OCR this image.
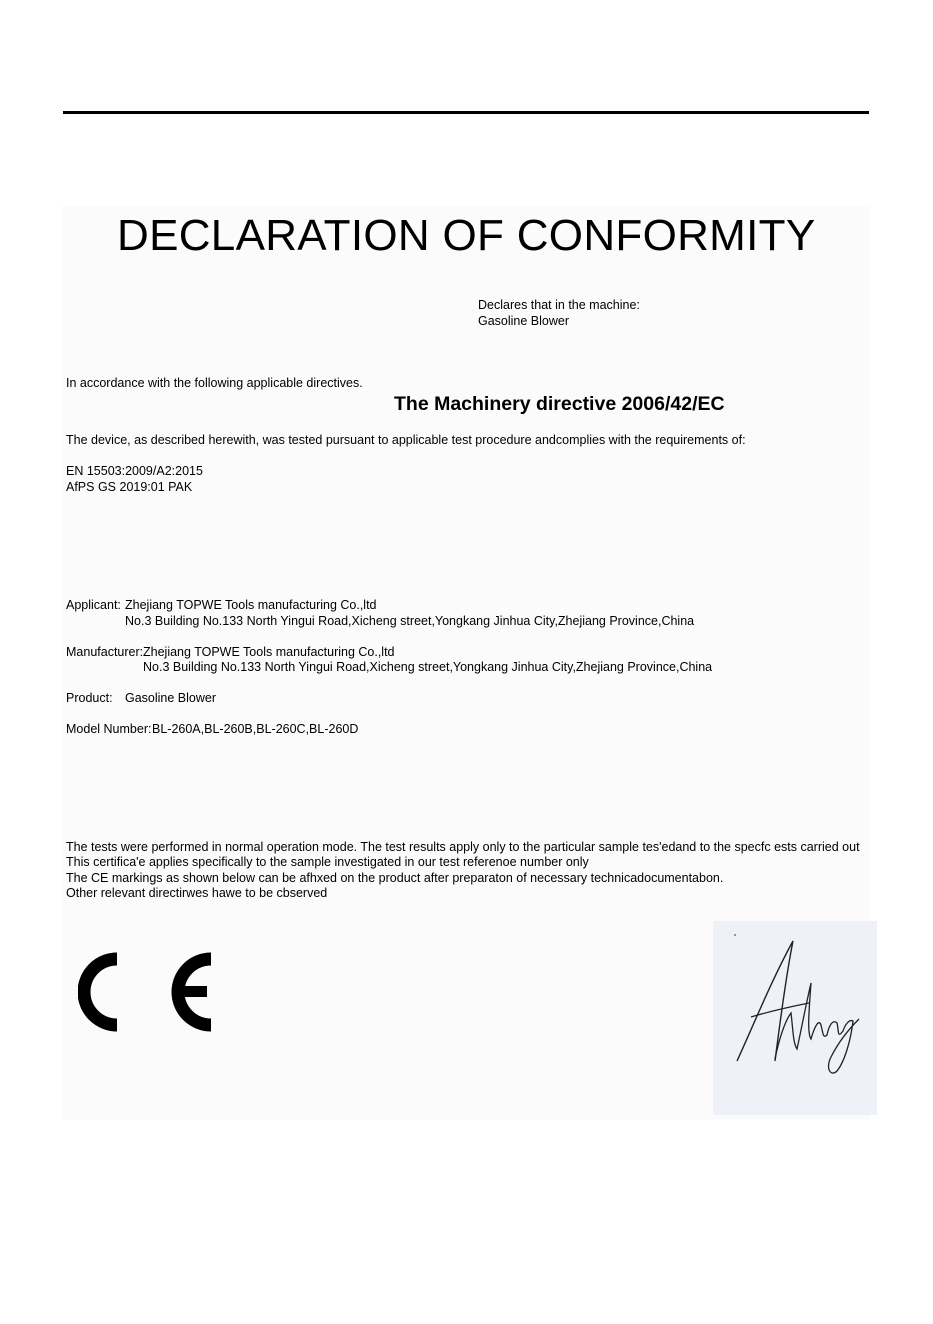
DECLARATION OF CONFORMITY
Declares that in the machine:
Gasoline Blower
In accordance with the following applicable directives.
The Machinery directive 2006/42/EC
The device, as described herewith, was tested pursuant to applicable test procedure andcomplies with the requirements of:
EN 15503:2009/A2:2015
AfPS GS 2019:01 PAK
Applicant: Zhejiang TOPWE Tools manufacturing Co.,ltd
No.3 Building No.133 North Yingui Road,Xicheng street,Yongkang Jinhua City,Zhejiang Province,China
Manufacturer: Zhejiang TOPWE Tools manufacturing Co.,ltd
No.3 Building No.133 North Yingui Road,Xicheng street,Yongkang Jinhua City,Zhejiang Province,China
Product: Gasoline Blower
Model Number: BL-260A,BL-260B,BL-260C,BL-260D
The tests were performed in normal operation mode. The test results apply only to the particular sample tes'edand to the specfc ests carried out
This certifica'e applies specifically to the sample investigated in our test referenoe number only
The CE markings as shown below can be afhxed on the product after preparaton of necessary technicadocumentabon.
Other relevant directirwes hawe to be cbserved
